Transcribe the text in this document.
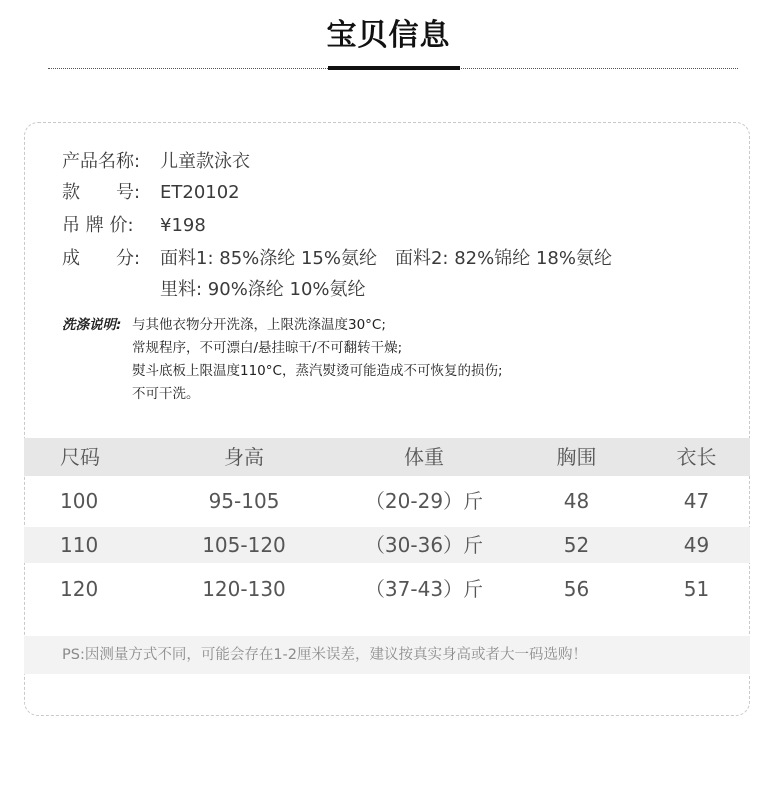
宝贝信息
产品名称: 儿童款泳衣
款　　号: ET20102
吊 牌 价: ¥198
成　　分: 面料1: 85%涤纶 15%氨纶　面料2: 82%锦纶 18%氨纶
里料: 90%涤纶 10%氨纶
洗涤说明: 与其他衣物分开洗涤，上限洗涤温度30°C;
常规程序，不可漂白/悬挂晾干/不可翻转干燥;
熨斗底板上限温度110°C，蒸汽熨烫可能造成不可恢复的损伤;
不可干洗。
尺码	身高	体重	胸围	衣长
100	95-105	（20-29）斤	48	47
110	105-120	（30-36）斤	52	49
120	120-130	（37-43）斤	56	51
PS:因测量方式不同，可能会存在1-2厘米误差，建议按真实身高或者大一码选购！
